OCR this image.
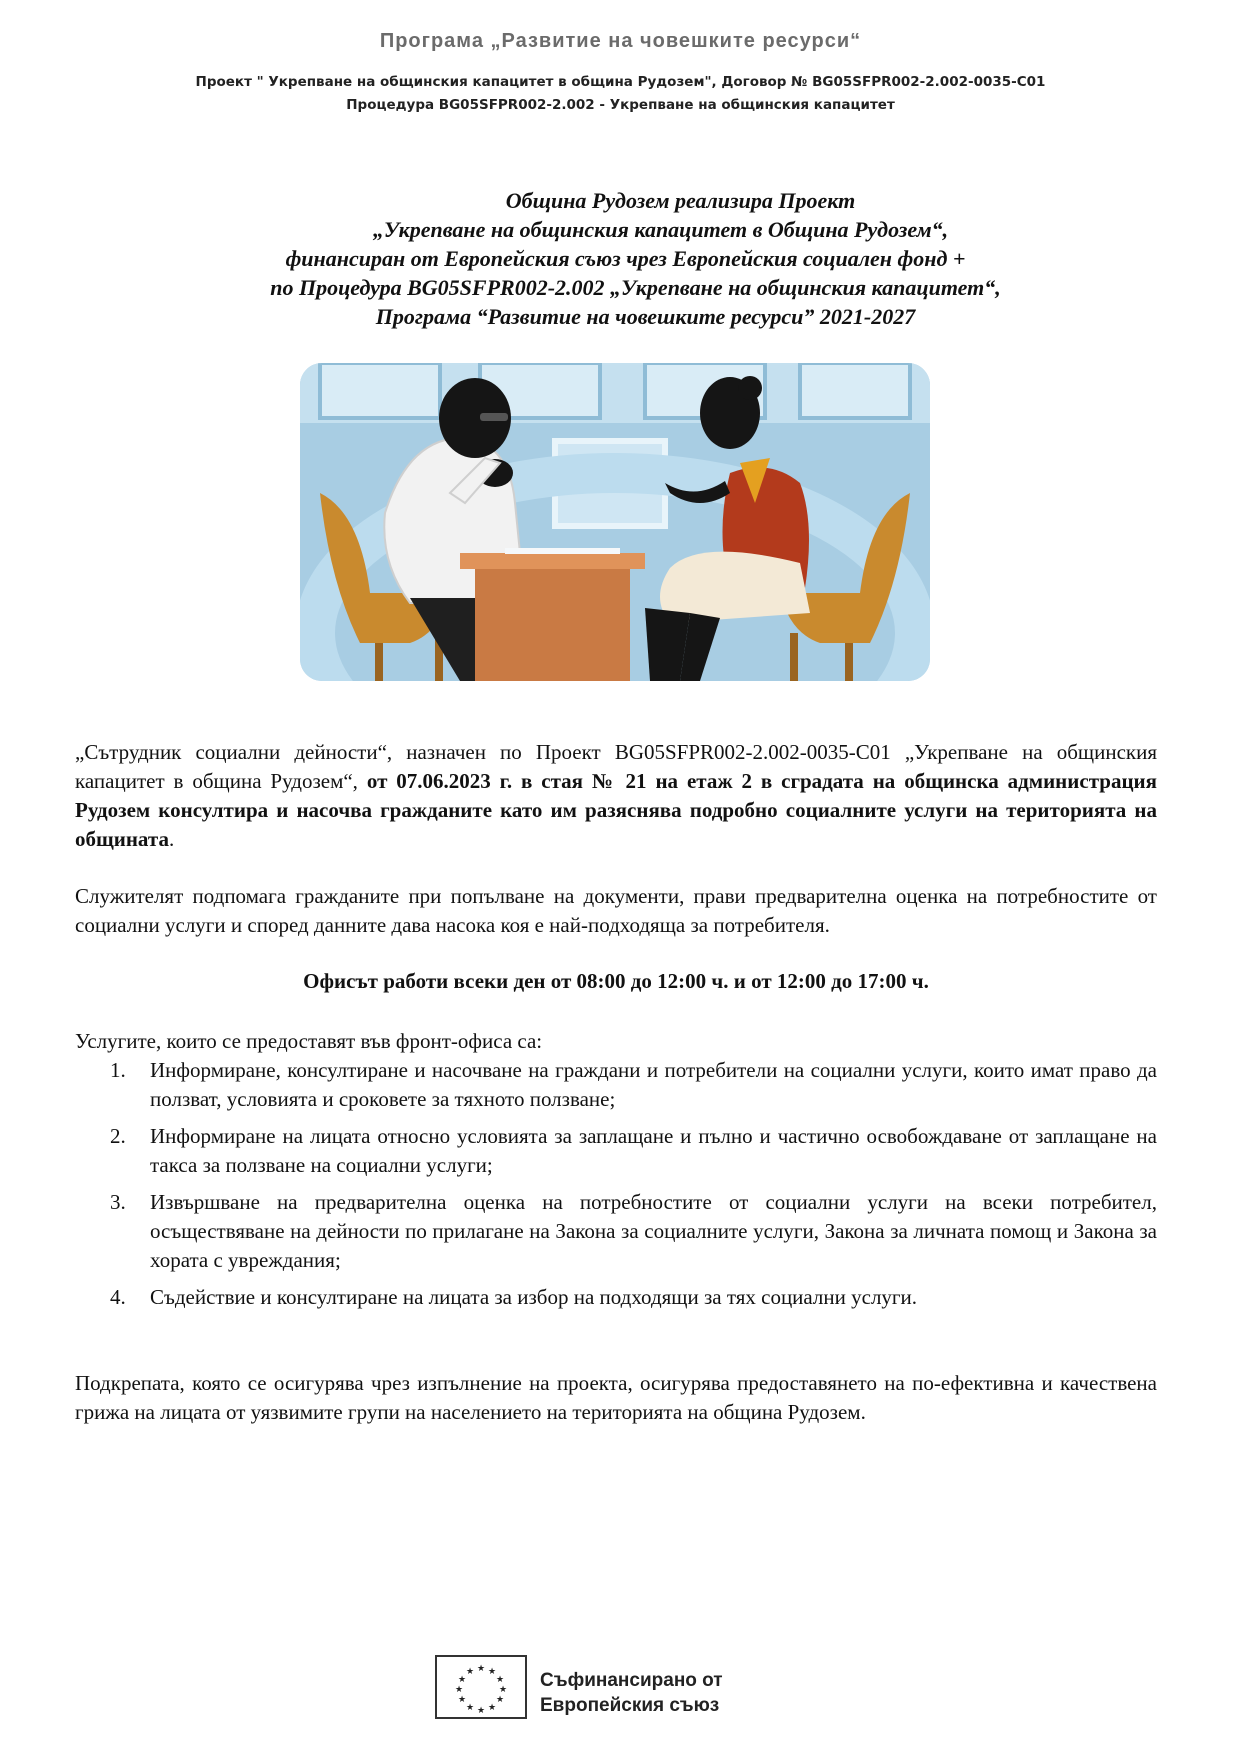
Програма „Развитие на човешките ресурси“
Проект " Укрепване на общинския капацитет в община Рудозем", Договор № BG05SFPR002-2.002-0035-C01
Процедура BG05SFPR002-2.002 - Укрепване на общинския капацитет
Община Рудозем реализира Проект
„Укрепване на общинския капацитет в Община Рудозем“,
финансиран от Европейския съюз чрез Европейския социален фонд +
по Процедура BG05SFPR002-2.002 „Укрепване на общинския капацитет“,
Програма “Развитие на човешките ресурси” 2021-2027

„Сътрудник социални дейности“, назначен по Проект BG05SFPR002-2.002-0035-C01 „Укрепване на общинския капацитет в община Рудозем“, от 07.06.2023 г. в стая № 21 на етаж 2 в сградата на общинска администрация Рудозем консултира и насочва гражданите като им разяснява подробно социалните услуги на територията на общината.

Служителят подпомага гражданите при попълване на документи, прави предварителна оценка на потребностите от социални услуги и според данните дава насока коя е най-подходяща за потребителя.

Офисът работи всеки ден от 08:00 до 12:00 ч. и от 12:00 до 17:00 ч.

Услугите, които се предоставят във фронт-офиса са:

1. Информиране, консултиране и насочване на граждани и потребители на социални услуги, които имат право да ползват, условията и сроковете за тяхното ползване;
2. Информиране на лицата относно условията за заплащане и пълно и частично освобождаване от заплащане на такса за ползване на социални услуги;
3. Извършване на предварителна оценка на потребностите от социални услуги на всеки потребител, осъществяване на дейности по прилагане на Закона за социалните услуги, Закона за личната помощ и Закона за хората с увреждания;
4. Съдействие и консултиране на лицата за избор на подходящи за тях социални услуги.

Подкрепата, която се осигурява чрез изпълнение на проекта, осигурява предоставянето на по-ефективна и качествена грижа на лицата от уязвимите групи на населението на територията на община Рудозем.

★ ★
★
★
★
★
★
★
★
★
★
★	Съфинансирано от
Европейския съюз
